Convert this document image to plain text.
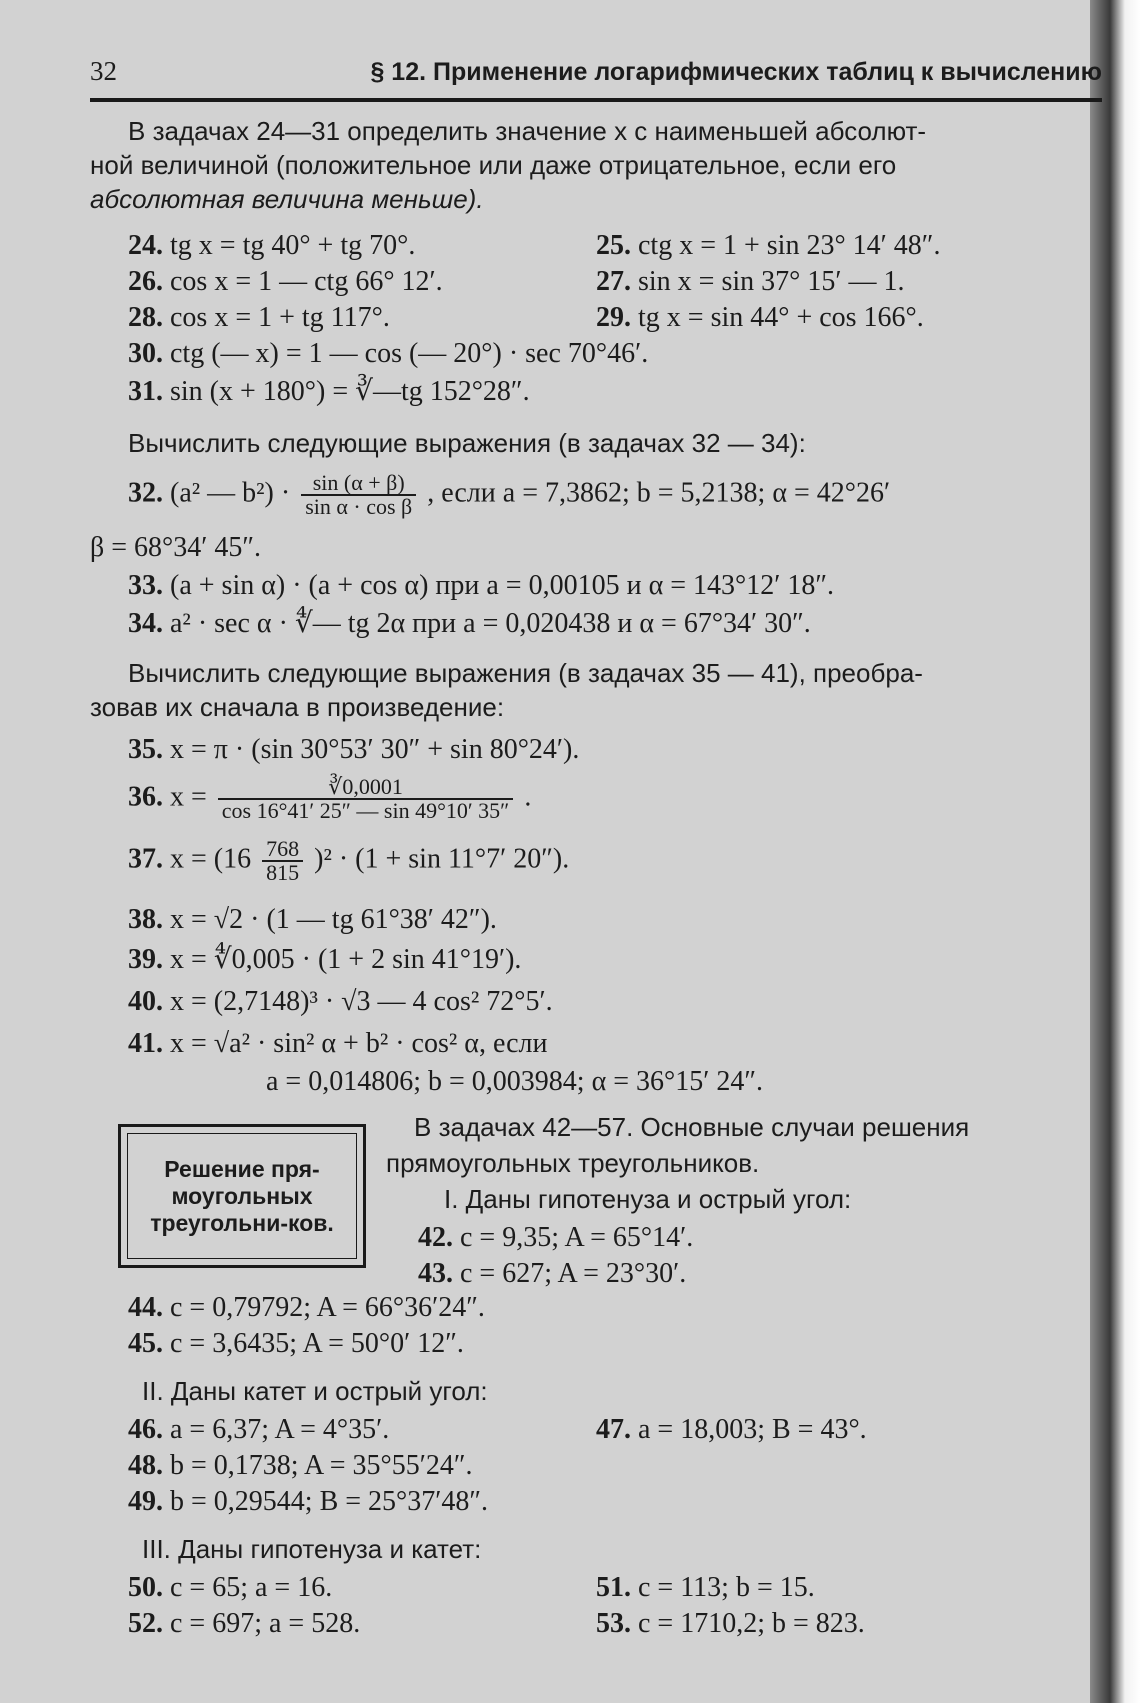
32	§ 12. Применение логарифмических таблиц к вычислению
В задачах 24—31 определить значение x с наименьшей абсолют-
ной величиной (положительное или даже отрицательное, если его
абсолютная величина меньше).
24. tg x = tg 40° + tg 70°.	25. ctg x = 1 + sin 23° 14′ 48″.
26. cos x = 1 — ctg 66° 12′.	27. sin x = sin 37° 15′ — 1.
28. cos x = 1 + tg 117°.	29. tg x = sin 44° + cos 166°.
30. ctg (— x) = 1 — cos (— 20°) · sec 70°46′.
31. sin (x + 180°) = ∛—tg 152°28″.
Вычислить следующие выражения (в задачах 32 — 34):
32. (a² — $b^2) \cdot \frac{\sin (\alpha + \beta)}{\text{sin α · cos β}}$ , если a = 7,3862; b = 5,2138; α = 42°26′
β = 68°34′ 45″.
33. (a + sin α) · (a + cos α) при a = 0,00105 и α = 143°12′ 18″.
34. a² · sec α · ∜— tg 2α при a = 0,020438 и α = 67°34′ 30″.
Вычислить следующие выражения (в задачах 35 — 41), преобра-
зовав их сначала в произведение:
35. x = π · (sin 30°53′ 30″ + sin 80°24′).
36. $x = \frac{∛0,0001}{\cos 16^\circ 41' 25'' — \sin 49^\circ 10' 35''}$ .
37. $x = (16 \frac{768}{815} )^2 \cdot (1 + \sin 11^\circ 7'$ 20″).
38. x = √2 · (1 — tg 61°38′ 42″).
39. x = ∜0,005 · (1 + 2 sin 41°19′).
40. x = (2,7148)³ · √3 — 4 cos² 72°5′.
41. x = √a² · sin² α + b² · cos² α, если
a = 0,014806; b = 0,003984; α = 36°15′ 24″.
Решение пря-моугольных треугольни-ков.
В задачах 42—57. Основные случаи решения
прямоугольных треугольников.
I. Даны гипотенуза и острый угол:
42. c = 9,35; A = 65°14′.
43. c = 627; A = 23°30′.
44. c = 0,79792; A = 66°36′24″.
45. c = 3,6435; A = 50°0′ 12″.
II. Даны катет и острый угол:
46. a = 6,37; A = 4°35′.	47. a = 18,003; B = 43°.
48. b = 0,1738; A = 35°55′24″.
49. b = 0,29544; B = 25°37′48″.
III. Даны гипотенуза и катет:
50. c = 65; a = 16.	51. c = 113; b = 15.
52. c = 697; a = 528.	53. c = 1710,2; b = 823.
